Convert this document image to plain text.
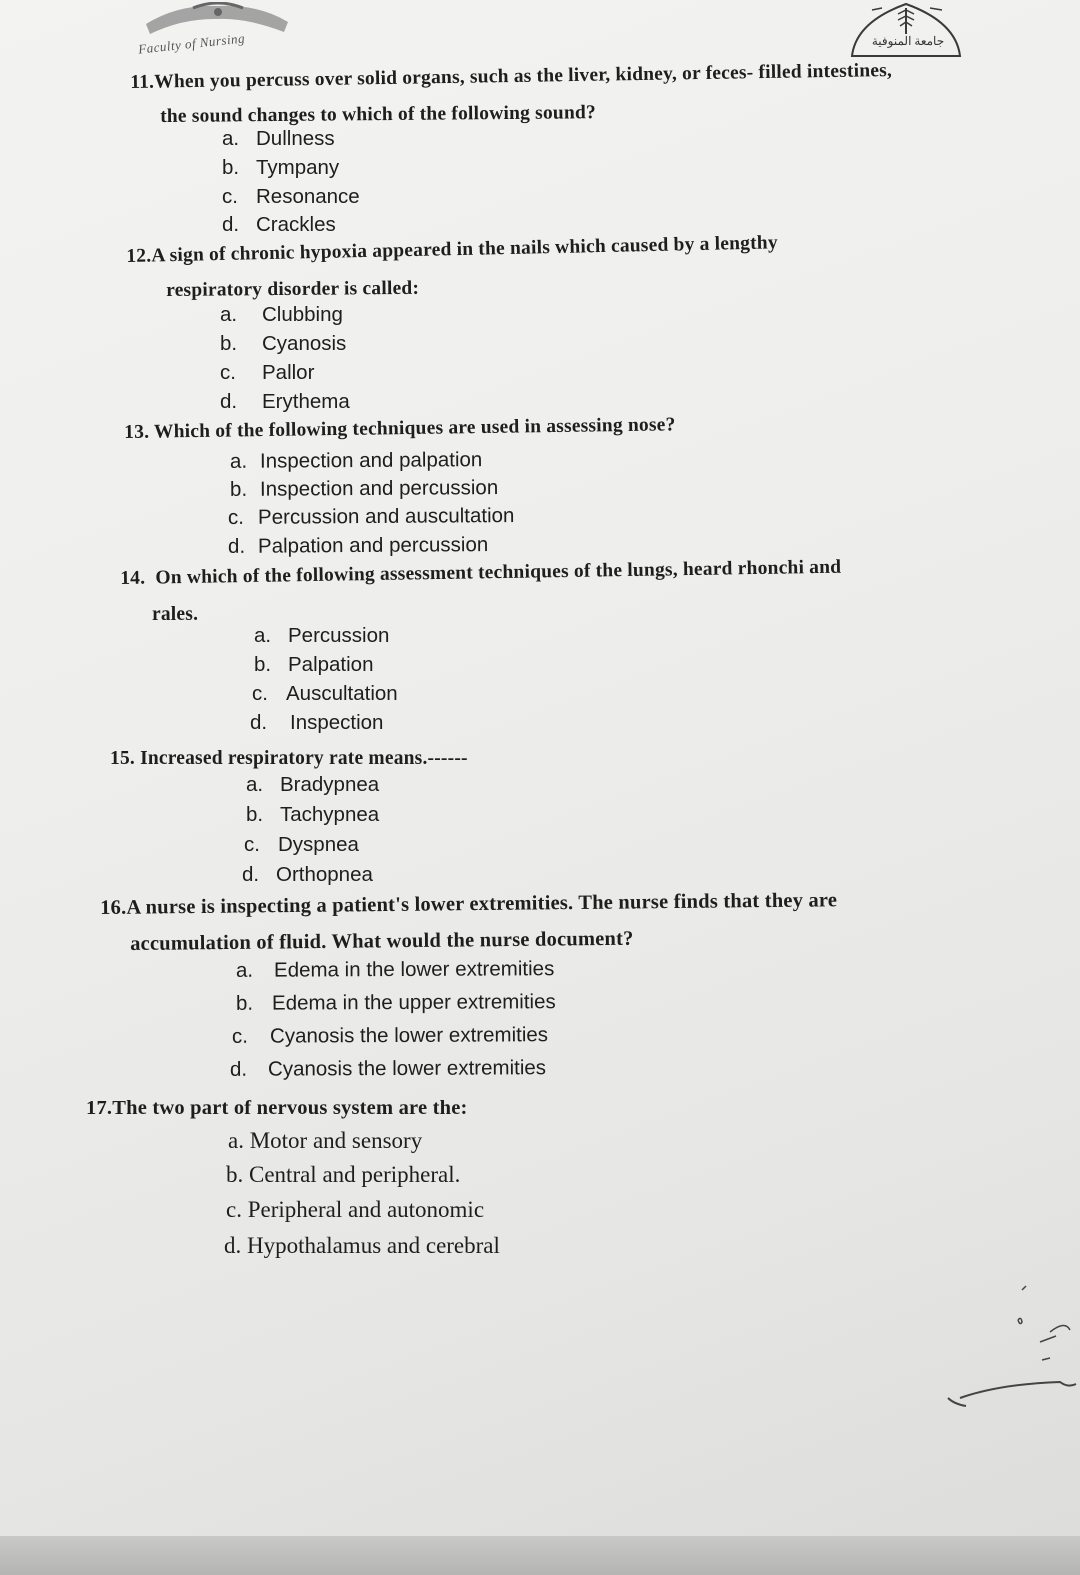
Faculty of Nursing	جامعة المنوفية
11.When you percuss over solid organs, such as the liver, kidney, or feces- filled intestines,
the sound changes to which of the following sound?
a. Dullness
b. Tympany
c. Resonance
d. Crackles
12.A sign of chronic hypoxia appeared in the nails which caused by a lengthy
respiratory disorder is called:
a. Clubbing
b. Cyanosis
c. Pallor
d. Erythema
13. Which of the following techniques are used in assessing nose?
a. Inspection and palpation
b. Inspection and percussion
c. Percussion and auscultation
d. Palpation and percussion
14. On which of the following assessment techniques of the lungs, heard rhonchi and
rales.
a. Percussion
b. Palpation
c. Auscultation
d. Inspection
15. Increased respiratory rate means.------
a. Bradypnea
b. Tachypnea
c. Dyspnea
d. Orthopnea
16.A nurse is inspecting a patient's lower extremities. The nurse finds that they are
accumulation of fluid. What would the nurse document?
a. Edema in the lower extremities
b. Edema in the upper extremities
c. Cyanosis the lower extremities
d. Cyanosis the lower extremities
17.The two part of nervous system are the:
a. Motor and sensory
b. Central and peripheral.
c. Peripheral and autonomic
d. Hypothalamus and cerebral
